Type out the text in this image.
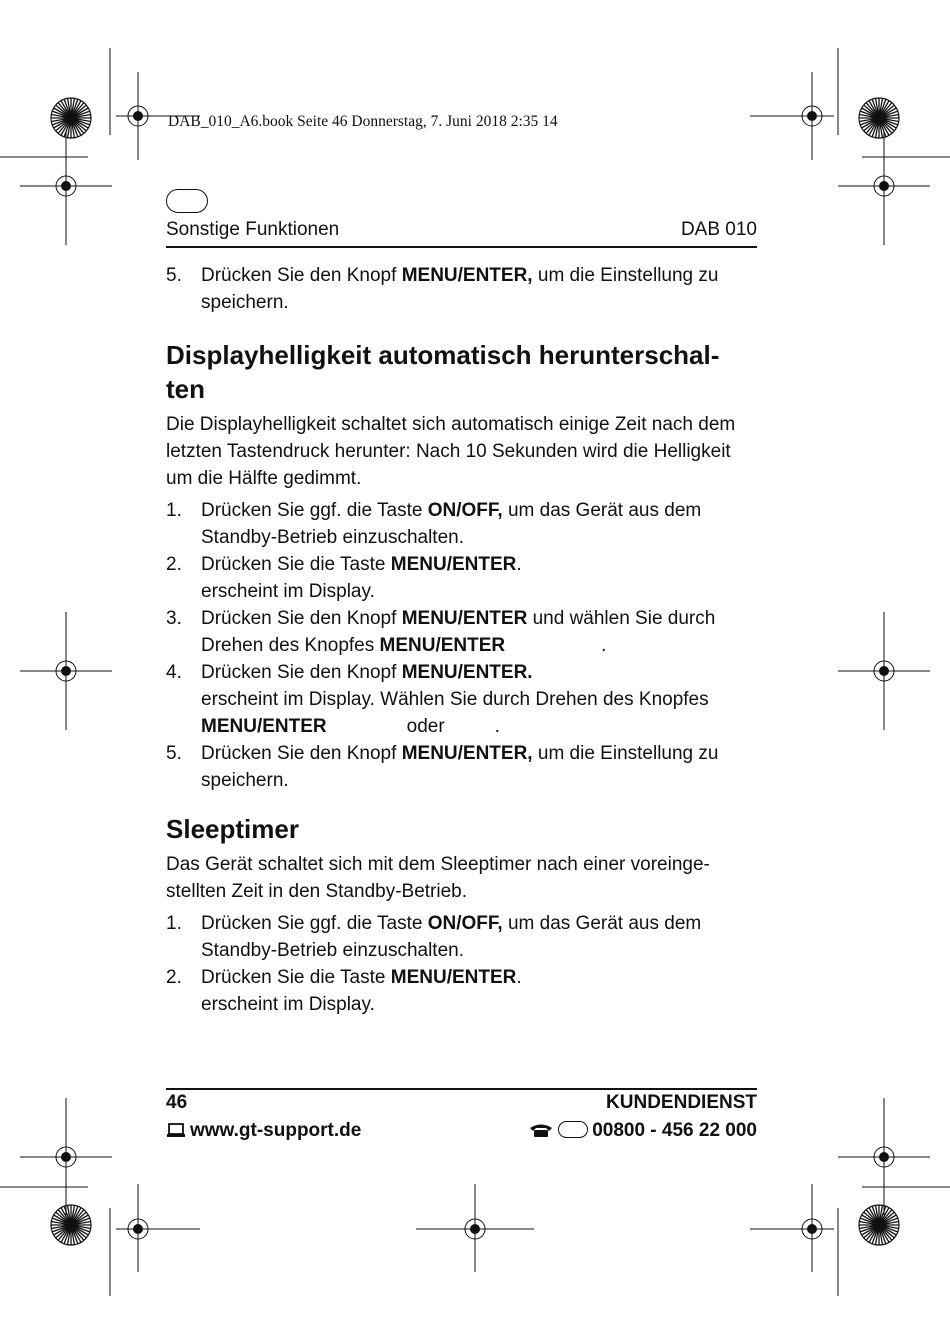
DAB_010_A6.book Seite 46 Donnerstag, 7. Juni 2018 2:35 14
Sonstige Funktionen	DAB 010
5. Drücken Sie den Knopf MENU/ENTER, um die Einstellung zu speichern.
Displayhelligkeit automatisch herunterschal-ten
Die Displayhelligkeit schaltet sich automatisch einige Zeit nach dem letzten Tastendruck herunter: Nach 10 Sekunden wird die Helligkeit um die Hälfte gedimmt.
1. Drücken Sie ggf. die Taste ON/OFF, um das Gerät aus dem Standby-Betrieb einzuschalten.
2. Drücken Sie die Taste MENU/ENTER.
erscheint im Display.
3. Drücken Sie den Knopf MENU/ENTER und wählen Sie durch Drehen des Knopfes MENU/ENTER	.
4. Drücken Sie den Knopf MENU/ENTER.
erscheint im Display. Wählen Sie durch Drehen des Knopfes
MENU/ENTER	oder	.
5. Drücken Sie den Knopf MENU/ENTER, um die Einstellung zu speichern.
Sleeptimer
Das Gerät schaltet sich mit dem Sleeptimer nach einer voreinge-stellten Zeit in den Standby-Betrieb.
1. Drücken Sie ggf. die Taste ON/OFF, um das Gerät aus dem Standby-Betrieb einzuschalten.
2. Drücken Sie die Taste MENU/ENTER.
erscheint im Display.
46	KUNDENDIENST
www.gt-support.de	00800 - 456 22 000
